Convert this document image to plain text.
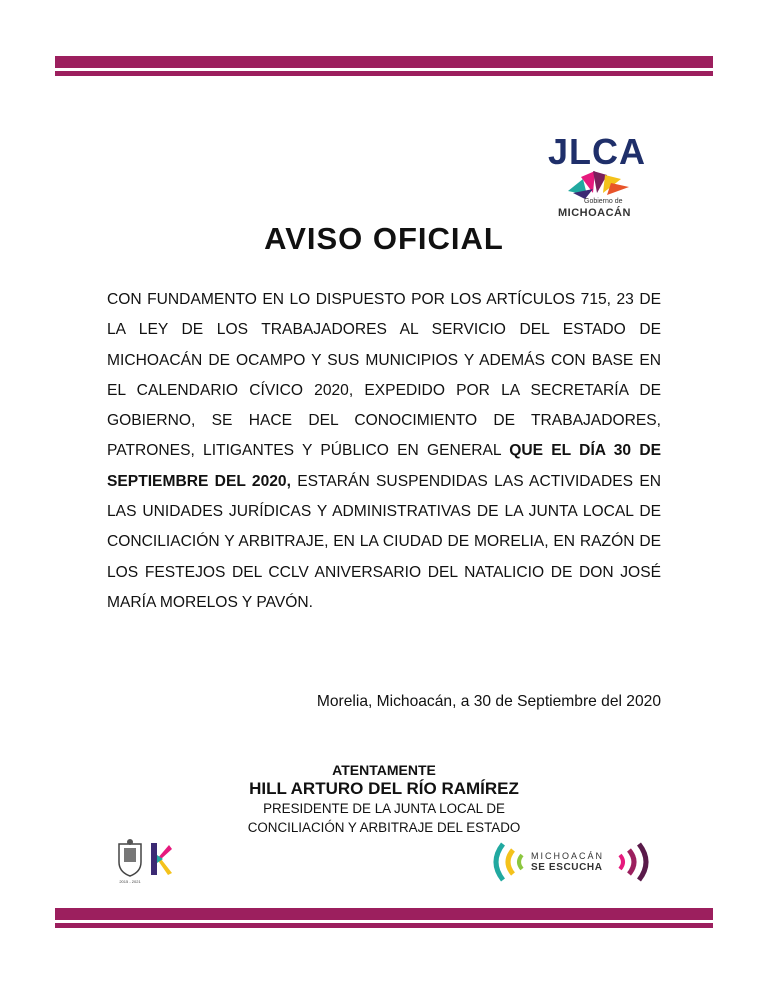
JLCA
Gobierno de
MICHOACÁN
AVISO OFICIAL

CON FUNDAMENTO EN LO DISPUESTO POR LOS ARTÍCULOS 715, 23 DE LA LEY DE LOS TRABAJADORES AL SERVICIO DEL ESTADO DE MICHOACÁN DE OCAMPO Y SUS MUNICIPIOS Y ADEMÁS CON BASE EN EL CALENDARIO CÍVICO 2020, EXPEDIDO POR LA SECRETARÍA DE GOBIERNO, SE HACE DEL CONOCIMIENTO DE TRABAJADORES, PATRONES, LITIGANTES Y PÚBLICO EN GENERAL QUE EL DÍA 30 DE SEPTIEMBRE DEL 2020, ESTARÁN SUSPENDIDAS LAS ACTIVIDADES EN LAS UNIDADES JURÍDICAS Y ADMINISTRATIVAS DE LA JUNTA LOCAL DE CONCILIACIÓN Y ARBITRAJE, EN LA CIUDAD DE MORELIA, EN RAZÓN DE LOS FESTEJOS DEL CCLV ANIVERSARIO DEL NATALICIO DE DON JOSÉ MARÍA MORELOS Y PAVÓN.

Morelia, Michoacán, a 30 de Septiembre del 2020
ATENTAMENTE
HILL ARTURO DEL RÍO RAMÍREZ
PRESIDENTE DE LA JUNTA LOCAL DE
CONCILIACIÓN Y ARBITRAJE DEL ESTADO
2015 - 2021
MICHOACÁN
SE ESCUCHA
